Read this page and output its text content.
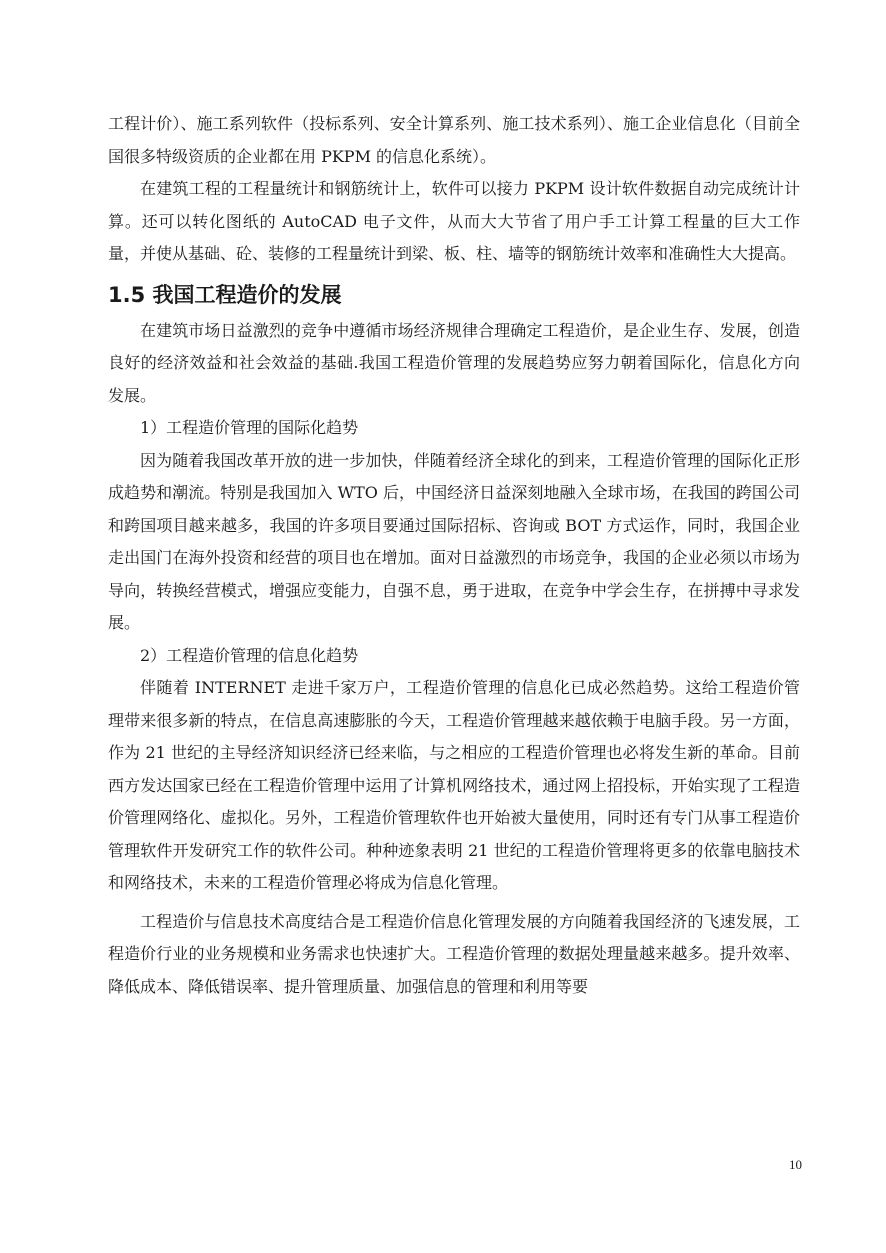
工程计价）、施工系列软件（投标系列、安全计算系列、施工技术系列）、施工企业信息化（目前全国很多特级资质的企业都在用 PKPM 的信息化系统）。

在建筑工程的工程量统计和钢筋统计上，软件可以接力 PKPM 设计软件数据自动完成统计计算。还可以转化图纸的 AutoCAD 电子文件，从而大大节省了用户手工计算工程量的巨大工作量，并使从基础、砼、装修的工程量统计到梁、板、柱、墙等的钢筋统计效率和准确性大大提高。

1.5 我国工程造价的发展

在建筑市场日益激烈的竞争中遵循市场经济规律合理确定工程造价，是企业生存、发展，创造良好的经济效益和社会效益的基础.我国工程造价管理的发展趋势应努力朝着国际化，信息化方向发展。

1）工程造价管理的国际化趋势

因为随着我国改革开放的进一步加快，伴随着经济全球化的到来，工程造价管理的国际化正形成趋势和潮流。特别是我国加入 WTO 后，中国经济日益深刻地融入全球市场，在我国的跨国公司和跨国项目越来越多，我国的许多项目要通过国际招标、咨询或 BOT 方式运作，同时，我国企业走出国门在海外投资和经营的项目也在增加。面对日益激烈的市场竞争，我国的企业必须以市场为导向，转换经营模式，增强应变能力，自强不息，勇于进取，在竞争中学会生存，在拼搏中寻求发展。

2）工程造价管理的信息化趋势

伴随着 INTERNET 走进千家万户，工程造价管理的信息化已成必然趋势。这给工程造价管理带来很多新的特点，在信息高速膨胀的今天，工程造价管理越来越依赖于电脑手段。另一方面，作为 21 世纪的主导经济知识经济已经来临，与之相应的工程造价管理也必将发生新的革命。目前西方发达国家已经在工程造价管理中运用了计算机网络技术，通过网上招投标，开始实现了工程造价管理网络化、虚拟化。另外，工程造价管理软件也开始被大量使用，同时还有专门从事工程造价管理软件开发研究工作的软件公司。种种迹象表明 21 世纪的工程造价管理将更多的依靠电脑技术和网络技术，未来的工程造价管理必将成为信息化管理。

工程造价与信息技术高度结合是工程造价信息化管理发展的方向随着我国经济的飞速发展，工程造价行业的业务规模和业务需求也快速扩大。工程造价管理的数据处理量越来越多。提升效率、降低成本、降低错误率、提升管理质量、加强信息的管理和利用等要

10
